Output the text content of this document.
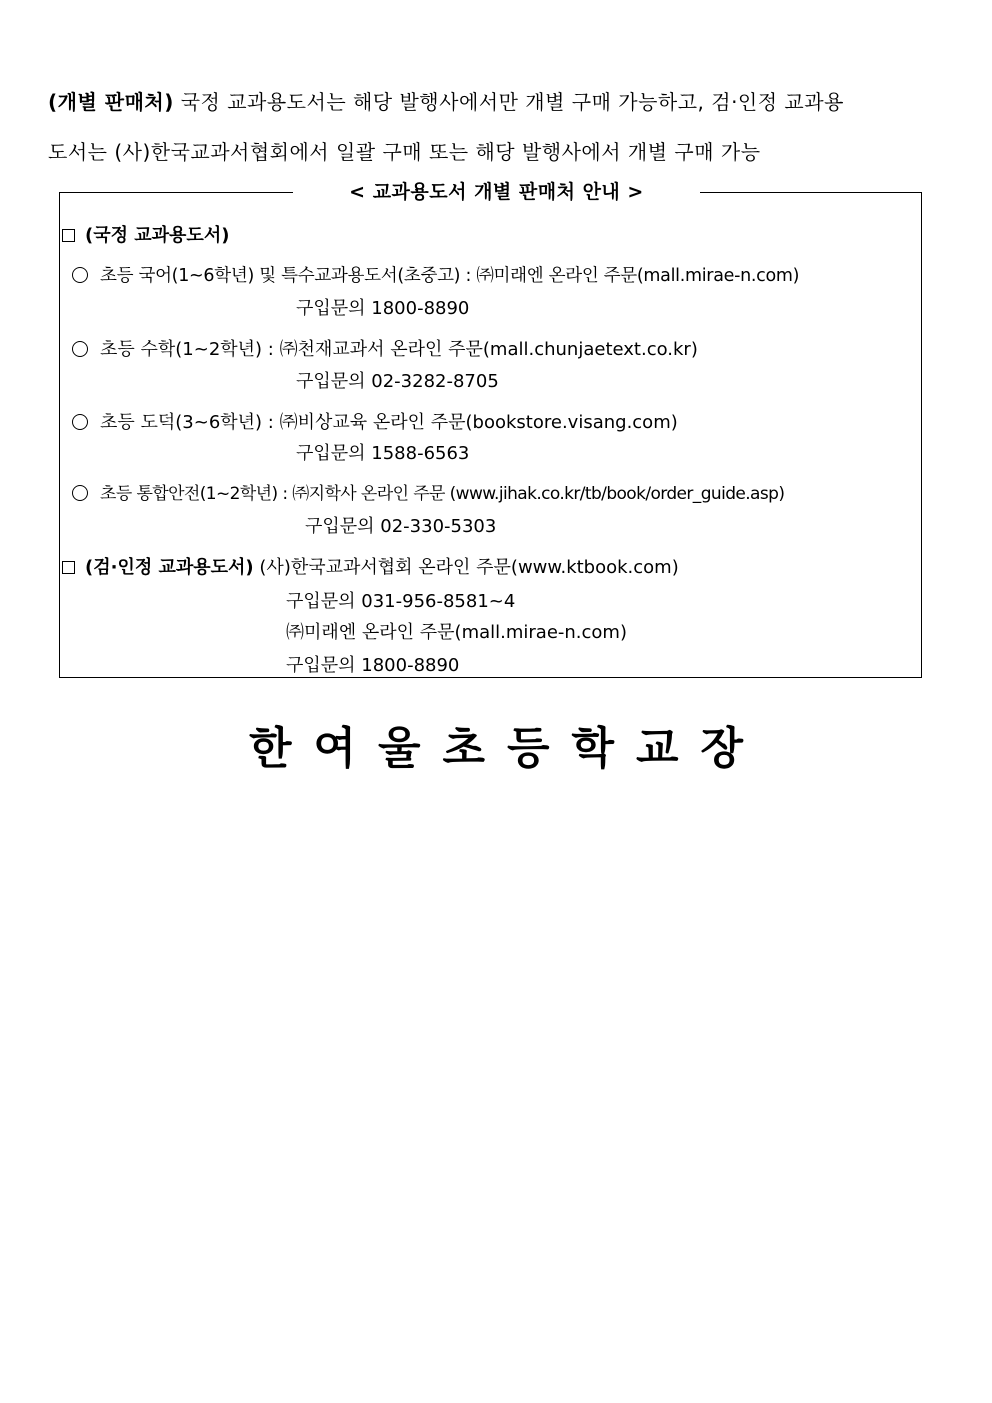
(개별 판매처) 국정 교과용도서는 해당 발행사에서만 개별 구매 가능하고, 검·인정 교과용
도서는 (사)한국교과서협회에서 일괄 구매 또는 해당 발행사에서 개별 구매 가능
< 교과용도서 개별 판매처 안내 >
(국정 교과용도서)
초등 국어(1~6학년) 및 특수교과용도서(초중고) : ㈜미래엔 온라인 주문(mall.mirae-n.com)
구입문의 1800-8890
초등 수학(1~2학년) : ㈜천재교과서 온라인 주문(mall.chunjaetext.co.kr)
구입문의 02-3282-8705
초등 도덕(3~6학년) : ㈜비상교육 온라인 주문(bookstore.visang.com)
구입문의 1588-6563
초등 통합안전(1~2학년) : ㈜지학사 온라인 주문 (www.jihak.co.kr/tb/book/order_guide.asp)
구입문의 02-330-5303
(검·인정 교과용도서) (사)한국교과서협회 온라인 주문(www.ktbook.com)
구입문의 031-956-8581~4
㈜미래엔 온라인 주문(mall.mirae-n.com)
구입문의 1800-8890
한여울초등학교장
